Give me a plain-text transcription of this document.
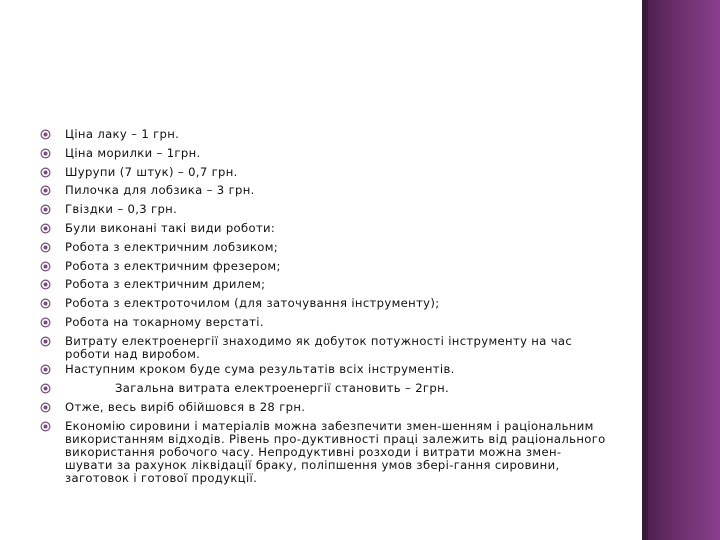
Ціна лаку – 1 грн.
Ціна морилки – 1грн.
Шурупи (7 штук) – 0,7 грн.
Пилочка для лобзика – 3 грн.
Гвіздки – 0,3 грн.
Були виконані такі види роботи:
Робота з електричним лобзиком;
Робота з електричним фрезером;
Робота з електричним дрилем;
Робота з електроточилом (для заточування інструменту);
Робота на токарному верстаті.
Витрату електроенергії знаходимо як добуток потужності інструменту на час роботи над виробом.
Наступним кроком буде сума результатів всіх інструментів.
Загальна витрата електроенергії становить – 2грн.
Отже, весь виріб обійшовся в 28 грн.
Економію сировини і матеріалів можна забезпечити змен-шенням і раціональним використанням відходів. Рівень про-дуктивності праці залежить від раціонального використання робочого часу. Непродуктивні розходи і витрати можна змен-шувати за рахунок ліквідації браку, поліпшення умов збері-гання сировини, заготовок і готової продукції.
